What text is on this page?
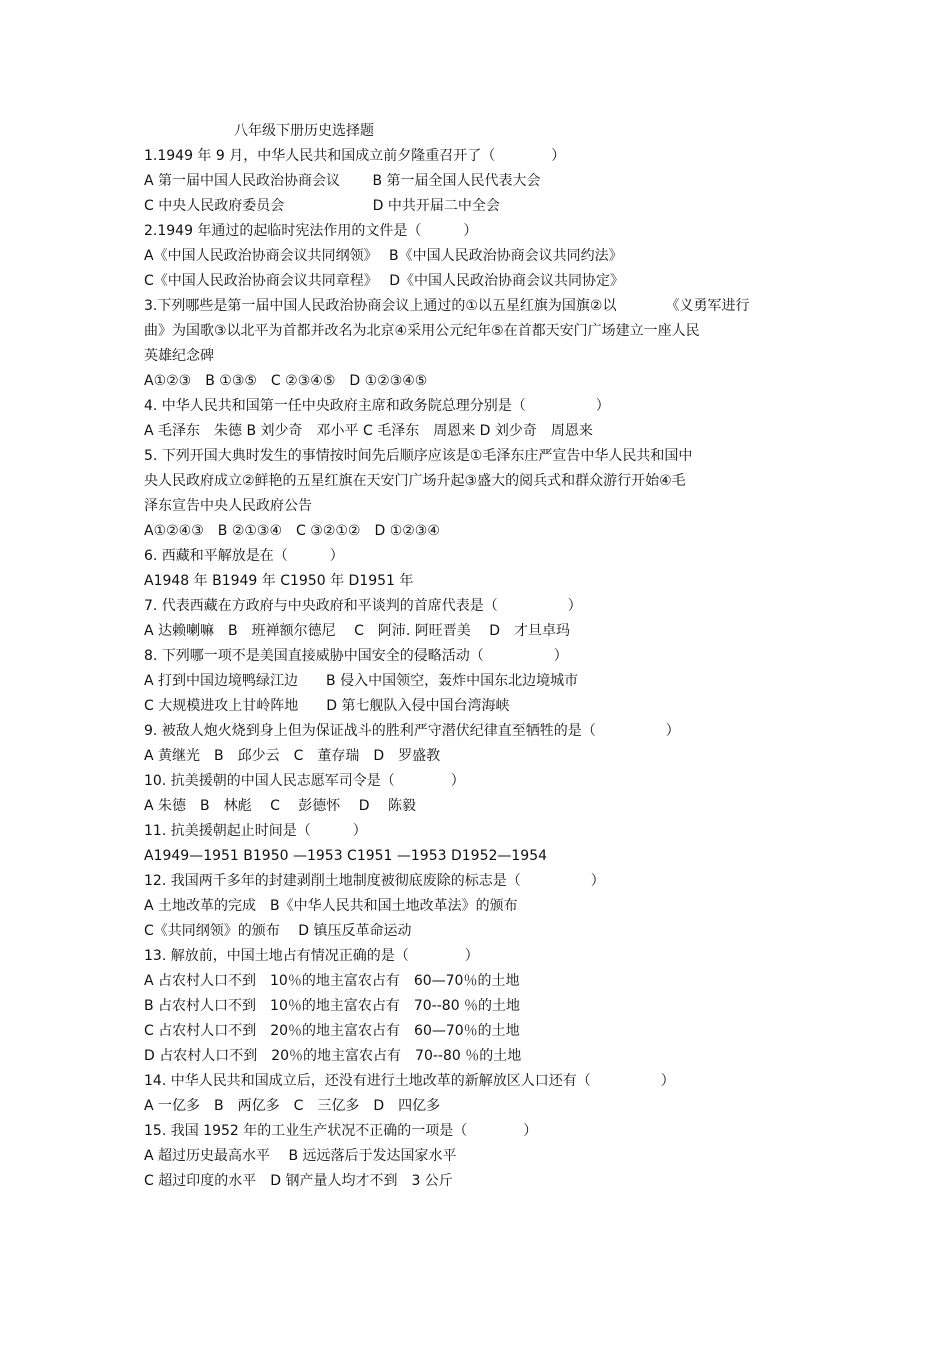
八年级下册历史选择题
1.1949 年 9 月，中华人民共和国成立前夕隆重召开了（　　　　）
A 第一届中国人民政治协商会议　　 B 第一届全国人民代表大会
C 中央人民政府委员会　　　　　　 D 中共开届二中全会
2.1949 年通过的起临时宪法作用的文件是（　　　）
A《中国人民政治协商会议共同纲领》　 B《中国人民政治协商会议共同约法》
C《中国人民政治协商会议共同章程》　 D《中国人民政治协商会议共同协定》
3.下列哪些是第一届中国人民政治协商会议上通过的①以五星红旗为国旗②以　　　　《义勇军进行
曲》为国歌③以北平为首都并改名为北京④采用公元纪年⑤在首都天安门广场建立一座人民
英雄纪念碑
A①②③　B ①③⑤　C ②③④⑤　D ①②③④⑤
4. 中华人民共和国第一任中央政府主席和政务院总理分别是（　　　　　）
A 毛泽东　朱德 B 刘少奇　邓小平 C 毛泽东　周恩来 D 刘少奇　周恩来
5. 下列开国大典时发生的事情按时间先后顺序应该是①毛泽东庄严宣告中华人民共和国中
央人民政府成立②鲜艳的五星红旗在天安门广场升起③盛大的阅兵式和群众游行开始④毛
泽东宣告中央人民政府公告
A①②④③　B ②①③④　C ③②①②　D ①②③④
6. 西藏和平解放是在（　　　）
A1948 年 B1949 年 C1950 年 D1951 年
7. 代表西藏在方政府与中央政府和平谈判的首席代表是（　　　　　）
A 达赖喇嘛　B　班禅额尔德尼　 C　阿沛. 阿旺晋美　 D　才旦卓玛
8. 下列哪一项不是美国直接威胁中国安全的侵略活动（　　　　　）
A 打到中国边境鸭绿江边　　B 侵入中国领空，轰炸中国东北边境城市
C 大规模进攻上甘岭阵地　　D 第七舰队入侵中国台湾海峡
9. 被敌人炮火烧到身上但为保证战斗的胜利严守潜伏纪律直至牺牲的是（　　　　　）
A 黄继光　B　邱少云　C　董存瑞　D　罗盛教
10. 抗美援朝的中国人民志愿军司令是（　　　　）
A 朱德　B　林彪　 C　 彭德怀　 D　 陈毅
11. 抗美援朝起止时间是（　　　）
A1949—1951 B1950 —1953 C1951 —1953 D1952—1954
12. 我国两千多年的封建剥削土地制度被彻底废除的标志是（　　　　　）
A 土地改革的完成　B《中华人民共和国土地改革法》的颁布
C《共同纲领》的颁布　 D 镇压反革命运动
13. 解放前，中国土地占有情况正确的是（　　　　）
A 占农村人口不到　10％的地主富农占有　60—70％的土地
B 占农村人口不到　10％的地主富农占有　70--80 ％的土地
C 占农村人口不到　20％的地主富农占有　60—70％的土地
D 占农村人口不到　20％的地主富农占有　70--80 ％的土地
14. 中华人民共和国成立后，还没有进行土地改革的新解放区人口还有（　　　　　）
A 一亿多　B　两亿多　C　三亿多　D　四亿多
15. 我国 1952 年的工业生产状况不正确的一项是（　　　　）
A 超过历史最高水平　 B 远远落后于发达国家水平
C 超过印度的水平　D 钢产量人均才不到　3 公斤
